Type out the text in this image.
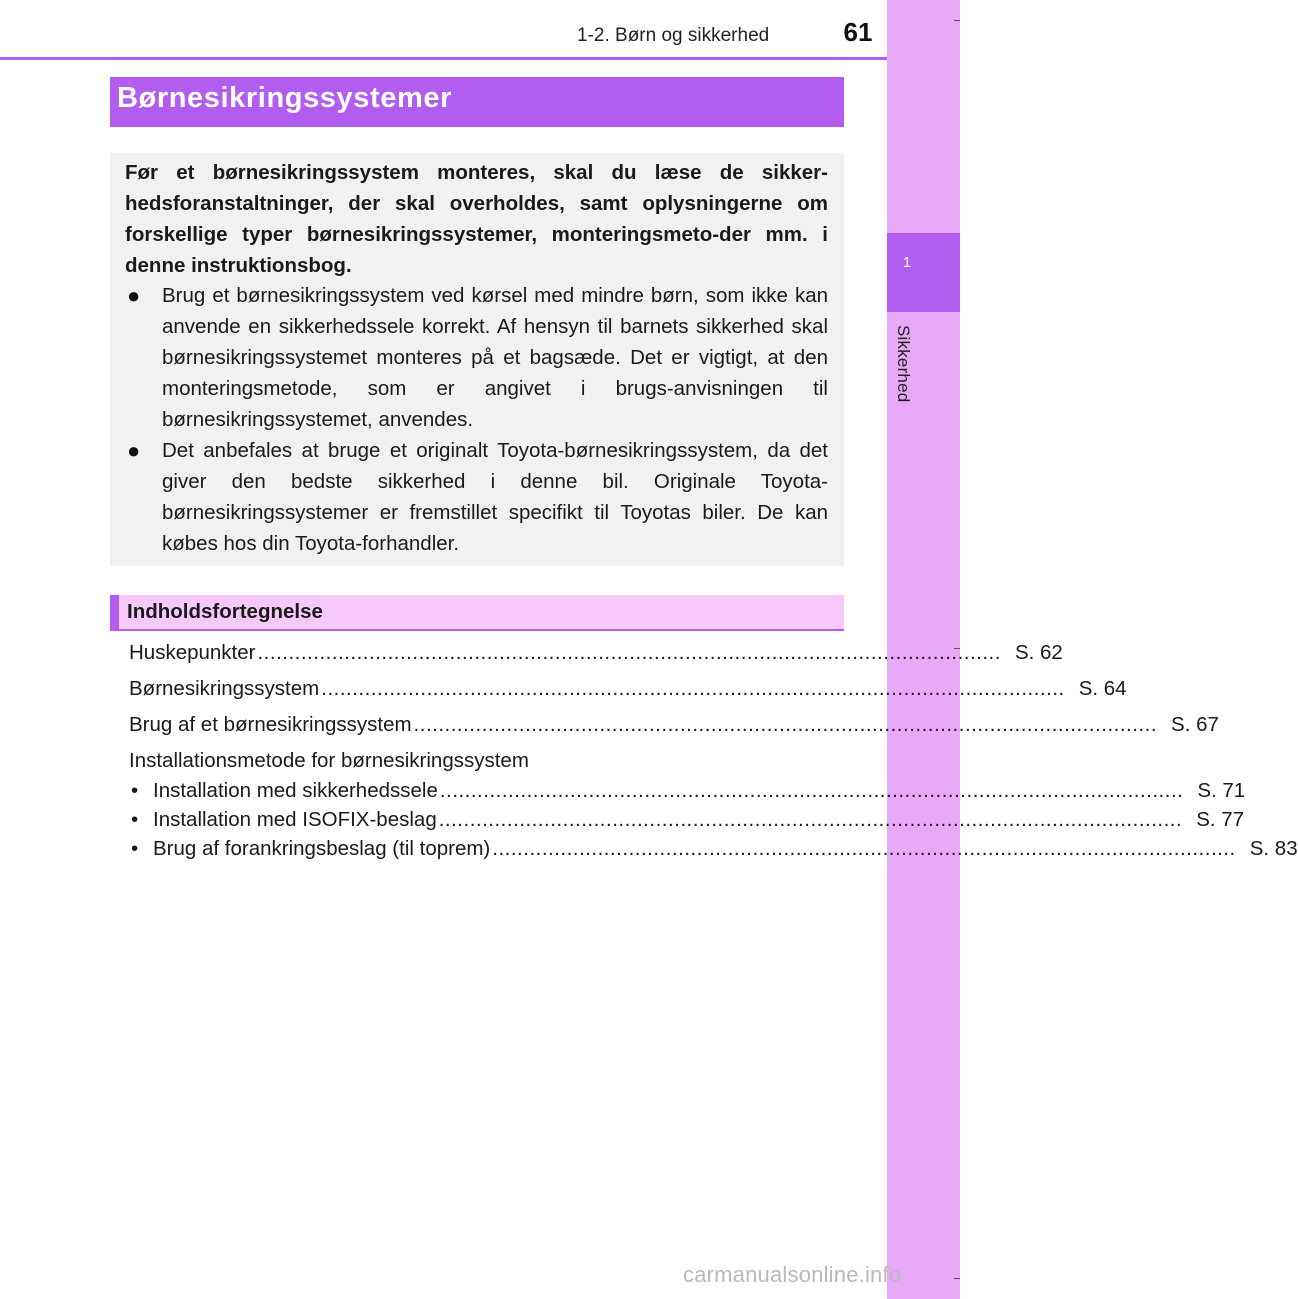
1
Sikkerhed
1-2. Børn og sikkerhed	61
Børnesikringssystemer
Før et børnesikringssystem monteres, skal du læse de sikker-hedsforanstaltninger, der skal overholdes, samt oplysningerne om forskellige typer børnesikringssystemer, monteringsmeto-der mm. i denne instruktionsbog.
●	Brug et børnesikringssystem ved kørsel med mindre børn, som ikke kan anvende en sikkerhedssele korrekt. Af hensyn til barnets sikkerhed skal børnesikringssystemet monteres på et bagsæde. Det er vigtigt, at den monteringsmetode, som er angivet i brugs-anvisningen til børnesikringssystemet, anvendes.
●	Det anbefales at bruge et originalt Toyota-børnesikringssystem, da det giver den bedste sikkerhed i denne bil. Originale Toyota-børnesikringssystemer er fremstillet specifikt til Toyotas biler. De kan købes hos din Toyota-forhandler.
Indholdsfortegnelse
Huskepunkter ........................................................................................................................ S. 62
Børnesikringssystem ........................................................................................................................ S. 64
Brug af et børnesikringssystem ........................................................................................................................ S. 67
Installationsmetode for børnesikringssystem
• Installation med sikkerhedssele ........................................................................................................................ S. 71
• Installation med ISOFIX-beslag ........................................................................................................................ S. 77
• Brug af forankringsbeslag (til toprem) ........................................................................................................................ S. 83
carmanualsonline.info
